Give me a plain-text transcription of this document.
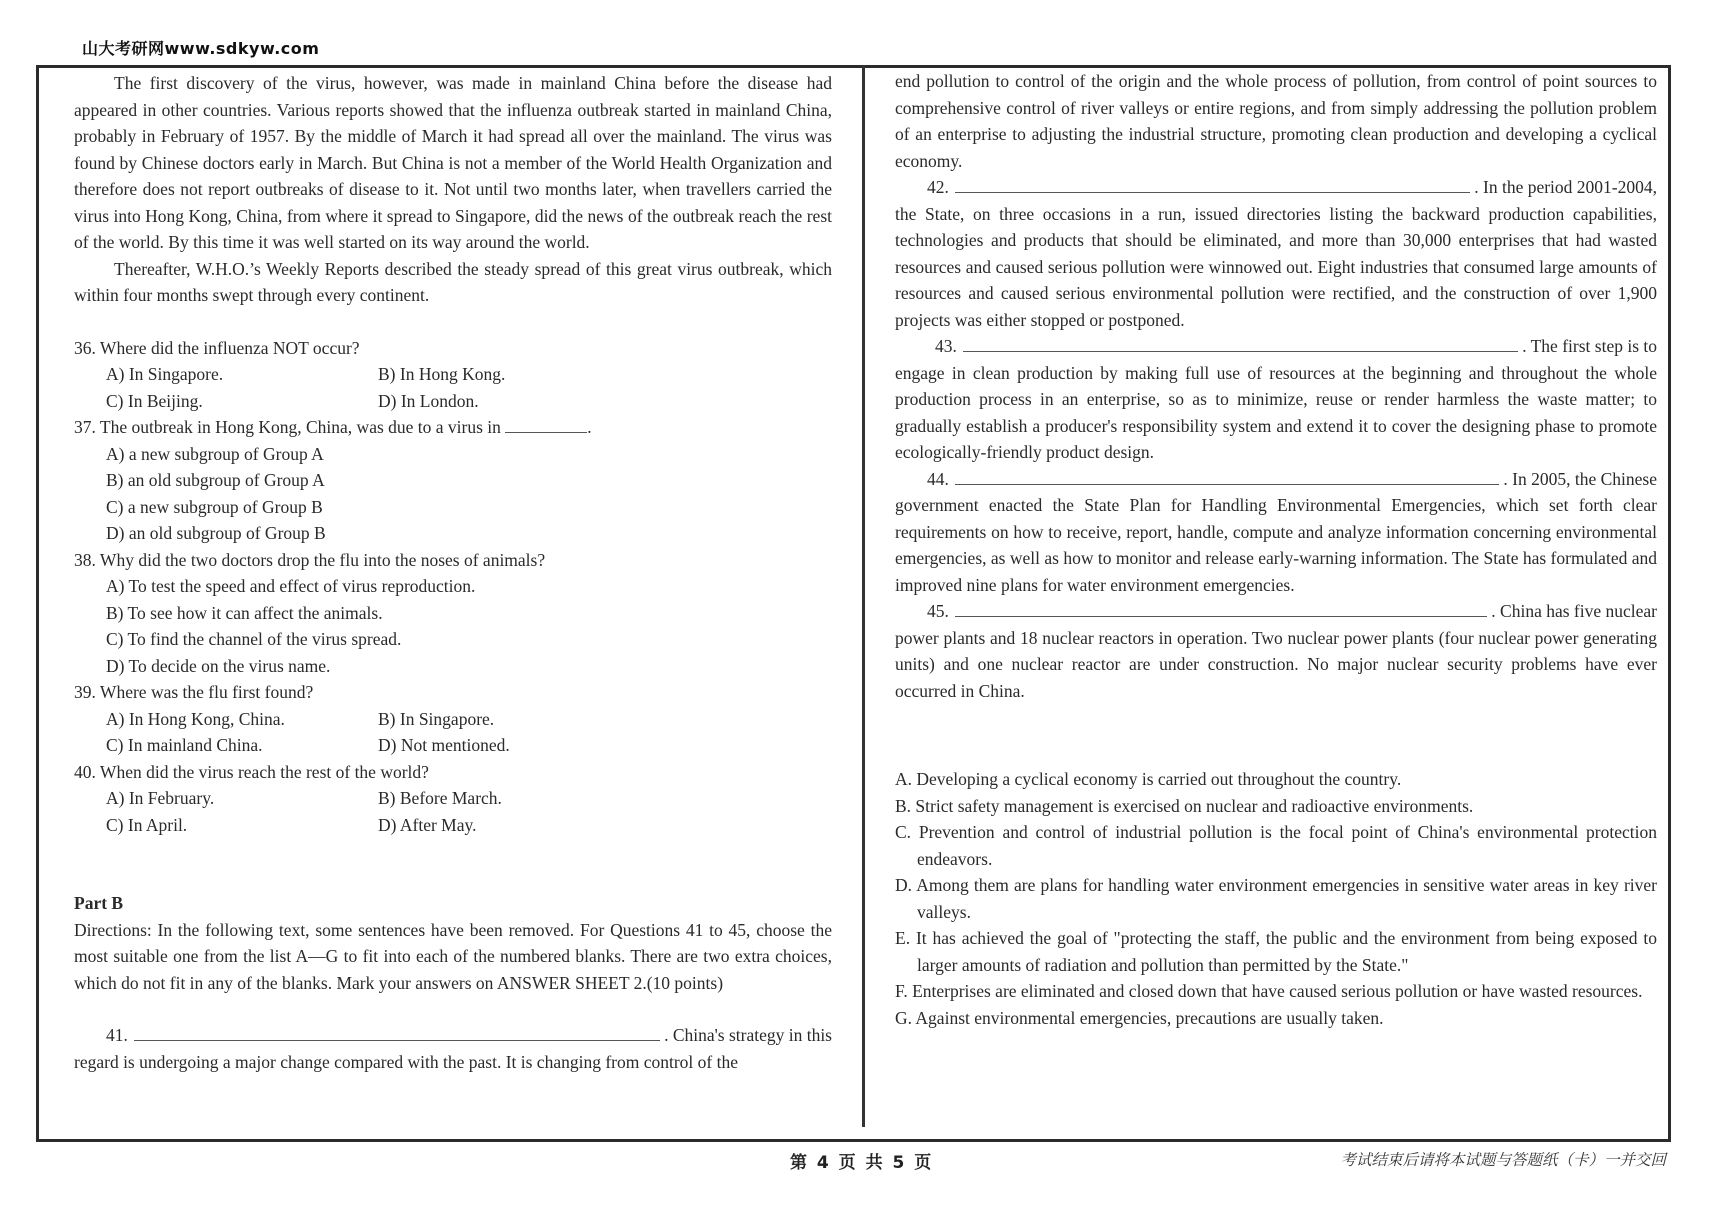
山大考研网www.sdkyw.com

The first discovery of the virus, however, was made in mainland China before the disease had appeared in other countries. Various reports showed that the influenza outbreak started in mainland China, probably in February of 1957. By the middle of March it had spread all over the mainland. The virus was found by Chinese doctors early in March. But China is not a member of the World Health Organization and therefore does not report outbreaks of disease to it. Not until two months later, when travellers carried the virus into Hong Kong, China, from where it spread to Singapore, did the news of the outbreak reach the rest of the world. By this time it was well started on its way around the world.

Thereafter, W.H.O.’s Weekly Reports described the steady spread of this great virus outbreak, which within four months swept through every continent.

36. Where did the influenza NOT occur?

A) In Singapore.	B) In Hong Kong.
C) In Beijing.	D) In London.

37. The outbreak in Hong Kong, China, was due to a virus in	.

A) a new subgroup of Group A
B) an old subgroup of Group A
C) a new subgroup of Group B
D) an old subgroup of Group B

38. Why did the two doctors drop the flu into the noses of animals?

A) To test the speed and effect of virus reproduction.
B) To see how it can affect the animals.
C) To find the channel of the virus spread.
D) To decide on the virus name.

39. Where was the flu first found?

A) In Hong Kong, China.	B) In Singapore.
C) In mainland China.	D) Not mentioned.

40. When did the virus reach the rest of the world?

A) In February.	B) Before March.
C) In April.	D) After May.

Part B

Directions: In the following text, some sentences have been removed. For Questions 41 to 45, choose the most suitable one from the list A—G to fit into each of the numbered blanks. There are two extra choices, which do not fit in any of the blanks. Mark your answers on ANSWER SHEET 2.(10 points)

41.	. China's strategy in this

regard is undergoing a major change compared with the past. It is changing from control of the

end pollution to control of the origin and the whole process of pollution, from control of point sources to comprehensive control of river valleys or entire regions, and from simply addressing the pollution problem of an enterprise to adjusting the industrial structure, promoting clean production and developing a cyclical economy.

42.	. In the period 2001-2004,

the State, on three occasions in a run, issued directories listing the backward production capabilities, technologies and products that should be eliminated, and more than 30,000 enterprises that had wasted resources and caused serious pollution were winnowed out. Eight industries that consumed large amounts of resources and caused serious environmental pollution were rectified, and the construction of over 1,900 projects was either stopped or postponed.

43.	. The first step is to

engage in clean production by making full use of resources at the beginning and throughout the whole production process in an enterprise, so as to minimize, reuse or render harmless the waste matter; to gradually establish a producer's responsibility system and extend it to cover the designing phase to promote ecologically-friendly product design.

44.	. In 2005, the Chinese

government enacted the State Plan for Handling Environmental Emergencies, which set forth clear requirements on how to receive, report, handle, compute and analyze information concerning environmental emergencies, as well as how to monitor and release early-warning information. The State has formulated and improved nine plans for water environment emergencies.

45.	. China has five nuclear

power plants and 18 nuclear reactors in operation. Two nuclear power plants (four nuclear power generating units) and one nuclear reactor are under construction. No major nuclear security problems have ever occurred in China.

A. Developing a cyclical economy is carried out throughout the country.

B. Strict safety management is exercised on nuclear and radioactive environments.

C. Prevention and control of industrial pollution is the focal point of China's environmental protection endeavors.

D. Among them are plans for handling water environment emergencies in sensitive water areas in key river valleys.

E. It has achieved the goal of "protecting the staff, the public and the environment from being exposed to larger amounts of radiation and pollution than permitted by the State."

F. Enterprises are eliminated and closed down that have caused serious pollution or have wasted resources.

G. Against environmental emergencies, precautions are usually taken.

第 4 页 共 5 页	考试结束后请将本试题与答题纸（卡）一并交回
